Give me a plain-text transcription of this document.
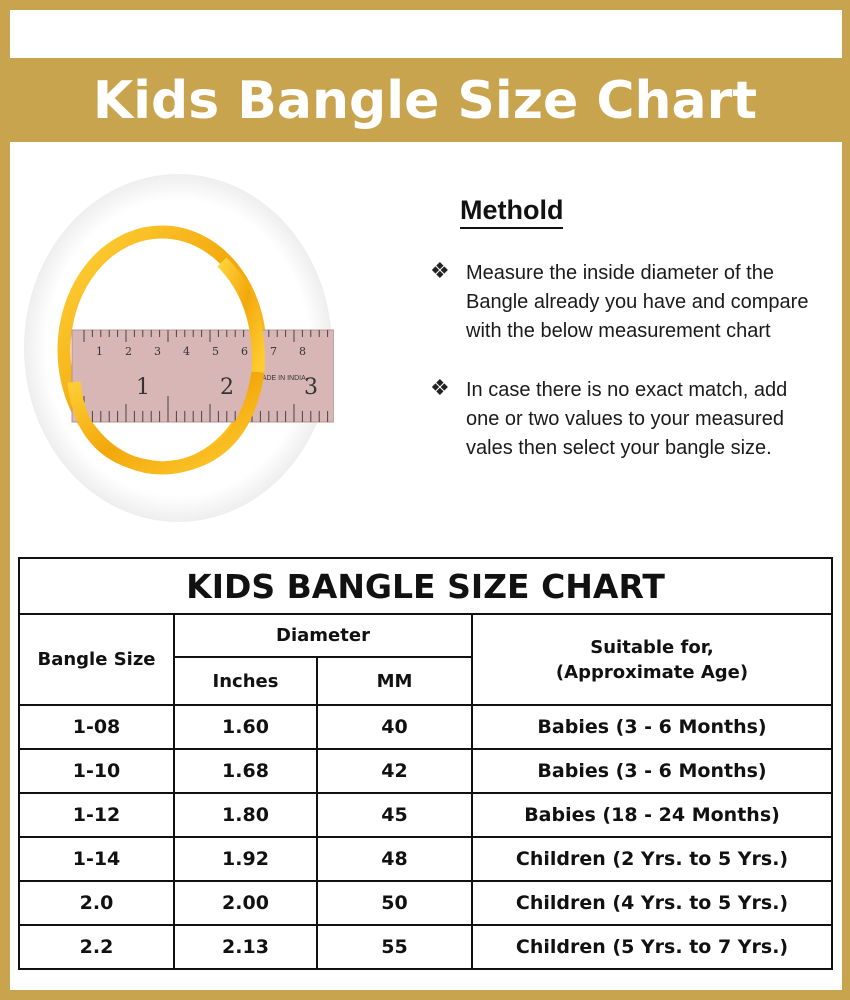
Kids Bangle Size Chart
1	2	3
MADE IN INDIA
1 2 3 4 5 6 7 8
Methold
❖ Measure the inside diameter of the
Bangle already you have and compare
with the below measurement chart
❖ In case there is no exact match, add
one or two values to your measured
vales then select your bangle size.
KIDS BANGLE SIZE CHART			
Bangle Size	Diameter		Suitable for,
(Approximate Age)

	Inches	MM	
1-08	1.60	40	Babies (3 - 6 Months)
1-10	1.68	42	Babies (3 - 6 Months)
1-12	1.80	45	Babies (18 - 24 Months)
1-14	1.92	48	Children (2 Yrs. to 5 Yrs.)
2.0	2.00	50	Children (4 Yrs. to 5 Yrs.)
2.2	2.13	55	Children (5 Yrs. to 7 Yrs.)
